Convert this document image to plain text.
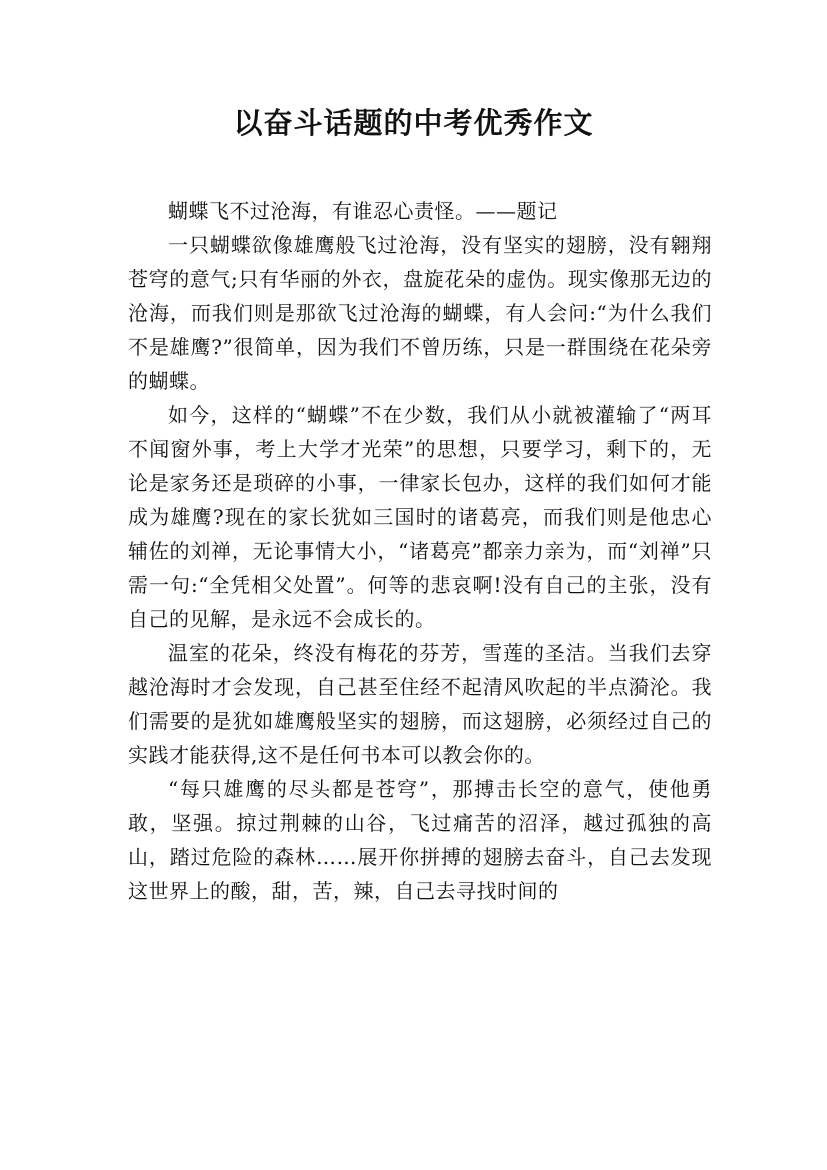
以奋斗话题的中考优秀作文

蝴蝶飞不过沧海，有谁忍心责怪。——题记

一只蝴蝶欲像雄鹰般飞过沧海，没有坚实的翅膀，没有翱翔苍穹的意气;只有华丽的外衣，盘旋花朵的虚伪。现实像那无边的沧海，而我们则是那欲飞过沧海的蝴蝶，有人会问:“为什么我们不是雄鹰?”很简单，因为我们不曾历练，只是一群围绕在花朵旁的蝴蝶。

如今，这样的“蝴蝶”不在少数，我们从小就被灌输了“两耳不闻窗外事，考上大学才光荣”的思想，只要学习，剩下的，无论是家务还是琐碎的小事，一律家长包办，这样的我们如何才能成为雄鹰?现在的家长犹如三国时的诸葛亮，而我们则是他忠心辅佐的刘禅，无论事情大小，“诸葛亮”都亲力亲为，而“刘禅”只需一句:“全凭相父处置”。何等的悲哀啊!没有自己的主张，没有自己的见解，是永远不会成长的。

温室的花朵，终没有梅花的芬芳，雪莲的圣洁。当我们去穿越沧海时才会发现，自己甚至住经不起清风吹起的半点漪沦。我们需要的是犹如雄鹰般坚实的翅膀，而这翅膀，必须经过自己的实践才能获得,这不是任何书本可以教会你的。

“每只雄鹰的尽头都是苍穹”，那搏击长空的意气，使他勇敢，坚强。掠过荆棘的山谷，飞过痛苦的沼泽，越过孤独的高山，踏过危险的森林……展开你拼搏的翅膀去奋斗，自己去发现这世界上的酸，甜，苦，辣，自己去寻找时间的
